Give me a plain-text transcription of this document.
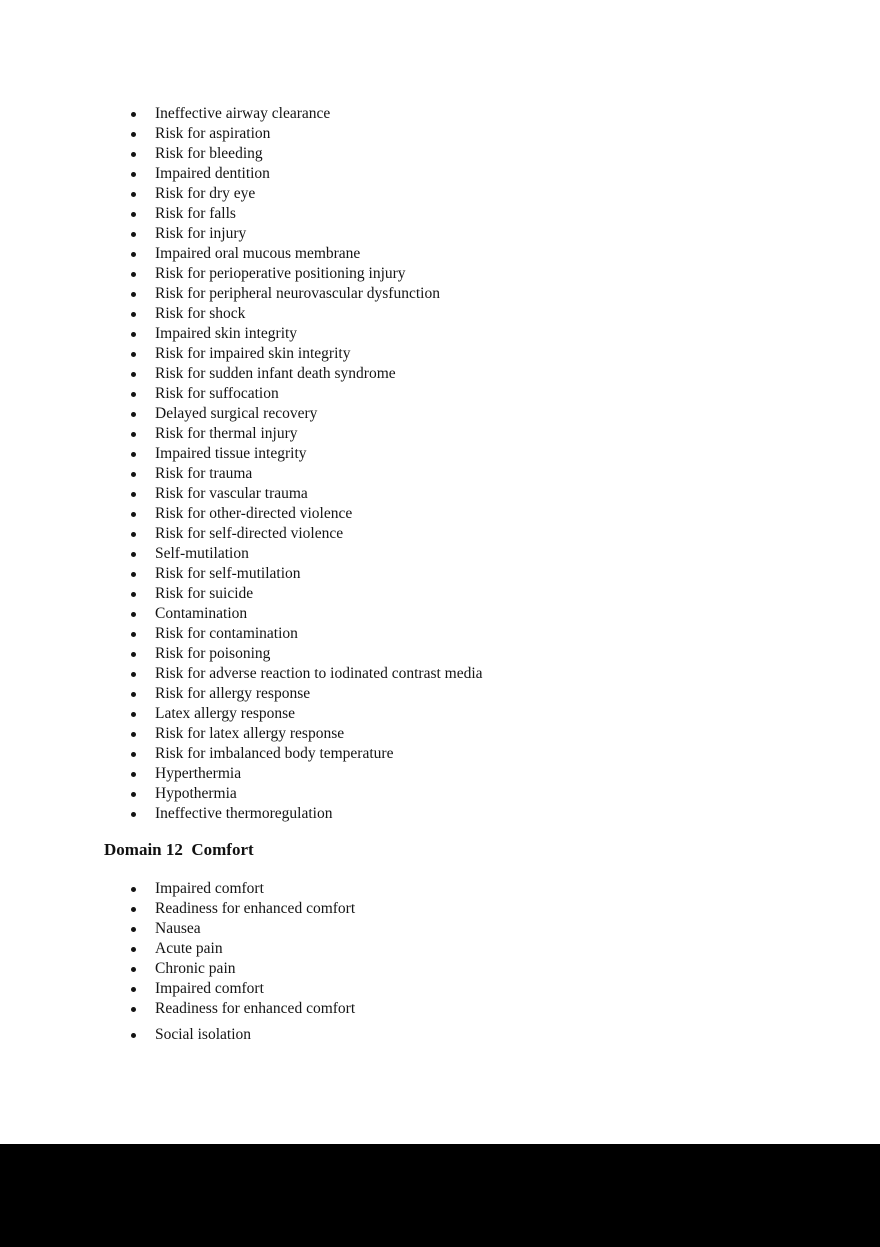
Ineffective airway clearance
Risk for aspiration
Risk for bleeding
Impaired dentition
Risk for dry eye
Risk for falls
Risk for injury
Impaired oral mucous membrane
Risk for perioperative positioning injury
Risk for peripheral neurovascular dysfunction
Risk for shock
Impaired skin integrity
Risk for impaired skin integrity
Risk for sudden infant death syndrome
Risk for suffocation
Delayed surgical recovery
Risk for thermal injury
Impaired tissue integrity
Risk for trauma
Risk for vascular trauma
Risk for other-directed violence
Risk for self-directed violence
Self-mutilation
Risk for self-mutilation
Risk for suicide
Contamination
Risk for contamination
Risk for poisoning
Risk for adverse reaction to iodinated contrast media
Risk for allergy response
Latex allergy response
Risk for latex allergy response
Risk for imbalanced body temperature
Hyperthermia
Hypothermia
Ineffective thermoregulation
Domain 12  Comfort
Impaired comfort
Readiness for enhanced comfort
Nausea
Acute pain
Chronic pain
Impaired comfort
Readiness for enhanced comfort
Social isolation
